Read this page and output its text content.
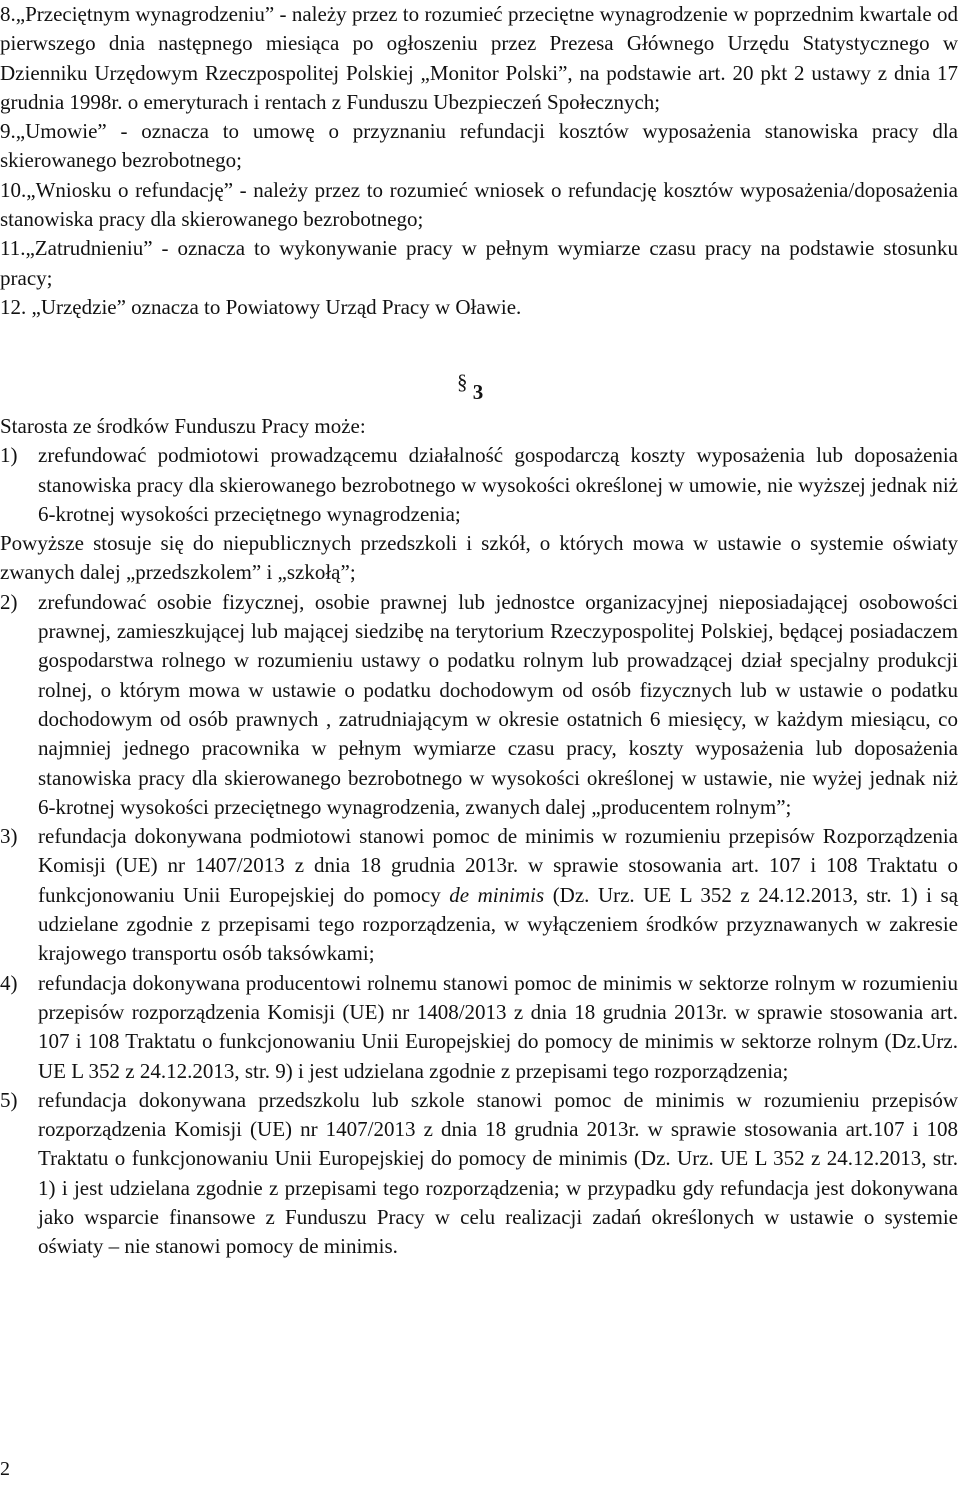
8.„Przeciętnym wynagrodzeniu” - należy przez to rozumieć przeciętne wynagrodzenie w poprzednim kwartale od pierwszego dnia następnego miesiąca po ogłoszeniu przez Prezesa Głównego Urzędu Statystycznego w Dzienniku Urzędowym Rzeczpospolitej Polskiej „Monitor Polski”, na podstawie art. 20 pkt 2 ustawy z dnia 17 grudnia 1998r. o emeryturach i rentach z Funduszu Ubezpieczeń Społecznych;

9.„Umowie” - oznacza to umowę o przyznaniu refundacji kosztów wyposażenia stanowiska pracy dla skierowanego bezrobotnego;

10.„Wniosku o refundację” - należy przez to rozumieć wniosek o refundację kosztów wyposażenia/doposażenia stanowiska pracy dla skierowanego bezrobotnego;

11.„Zatrudnieniu” - oznacza to wykonywanie pracy w pełnym wymiarze czasu pracy na podstawie stosunku pracy;

12. „Urzędzie” oznacza to Powiatowy Urząd Pracy w Oławie.

§ 3

Starosta ze środków Funduszu Pracy może:

1) zrefundować podmiotowi prowadzącemu działalność gospodarczą koszty wyposażenia lub doposażenia stanowiska pracy dla skierowanego bezrobotnego w wysokości określonej w umowie, nie wyższej jednak niż 6-krotnej wysokości przeciętnego wynagrodzenia;

Powyższe stosuje się do niepublicznych przedszkoli i szkół, o których mowa w ustawie o systemie oświaty zwanych dalej „przedszkolem” i „szkołą”;

2) zrefundować osobie fizycznej, osobie prawnej lub jednostce organizacyjnej nieposiadającej osobowości prawnej, zamieszkującej lub mającej siedzibę na terytorium Rzeczypospolitej Polskiej, będącej posiadaczem gospodarstwa rolnego w rozumieniu ustawy o podatku rolnym lub prowadzącej dział specjalny produkcji rolnej, o którym mowa w ustawie o podatku dochodowym od osób fizycznych lub w ustawie o podatku dochodowym od osób prawnych , zatrudniającym w okresie ostatnich 6 miesięcy, w każdym miesiącu, co najmniej jednego pracownika w pełnym wymiarze czasu pracy, koszty wyposażenia lub doposażenia stanowiska pracy dla skierowanego bezrobotnego w wysokości określonej w ustawie, nie wyżej jednak niż 6-krotnej wysokości przeciętnego wynagrodzenia, zwanych dalej „producentem rolnym”;
3) refundacja dokonywana podmiotowi stanowi pomoc de minimis w rozumieniu przepisów Rozporządzenia Komisji (UE) nr 1407/2013 z dnia 18 grudnia 2013r. w sprawie stosowania art. 107 i 108 Traktatu o funkcjonowaniu Unii Europejskiej do pomocy de minimis (Dz. Urz. UE L 352 z 24.12.2013, str. 1) i są udzielane zgodnie z przepisami tego rozporządzenia, w wyłączeniem środków przyznawanych w zakresie krajowego transportu osób taksówkami;
4) refundacja dokonywana producentowi rolnemu stanowi pomoc de minimis w sektorze rolnym w rozumieniu przepisów rozporządzenia Komisji (UE) nr 1408/2013 z dnia 18 grudnia 2013r. w sprawie stosowania art. 107 i 108 Traktatu o funkcjonowaniu Unii Europejskiej do pomocy de minimis w sektorze rolnym (Dz.Urz. UE L 352 z 24.12.2013, str. 9) i jest udzielana zgodnie z przepisami tego rozporządzenia;
5) refundacja dokonywana przedszkolu lub szkole stanowi pomoc de minimis w rozumieniu przepisów rozporządzenia Komisji (UE) nr 1407/2013 z dnia 18 grudnia 2013r. w sprawie stosowania art.107 i 108 Traktatu o funkcjonowaniu Unii Europejskiej do pomocy de minimis (Dz. Urz. UE L 352 z 24.12.2013, str. 1) i jest udzielana zgodnie z przepisami tego rozporządzenia; w przypadku gdy refundacja jest dokonywana jako wsparcie finansowe z Funduszu Pracy w celu realizacji zadań określonych w ustawie o systemie oświaty – nie stanowi pomocy de minimis.
2
